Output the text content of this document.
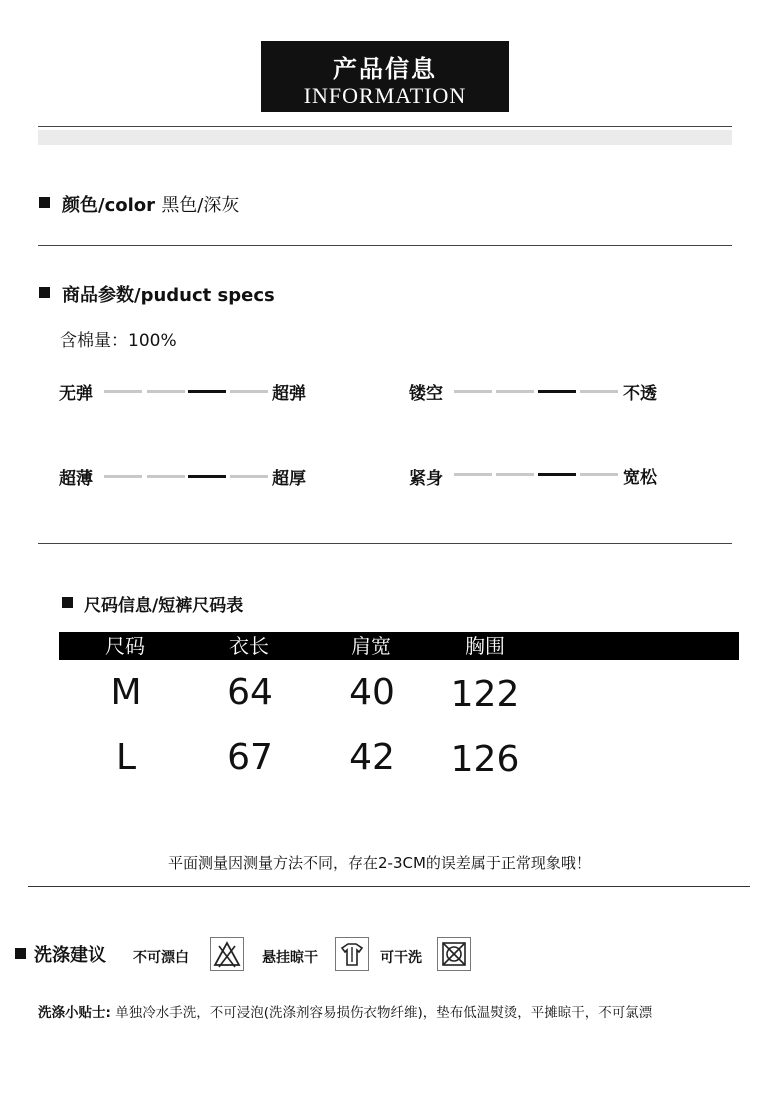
产品信息
INFORMATION
颜色/color 黑色/深灰
商品参数/puduct specs
含棉量：100%
无弹	超弹	镂空	不透
超薄	超厚	紧身	宽松
尺码信息/短裤尺码表
尺码	衣长	肩宽	胸围
M	64	40	122
L	67	42	126
平面测量因测量方法不同，存在2-3CM的误差属于正常现象哦！
洗涤建议 不可漂白	悬挂晾干	可干洗
洗涤小贴士: 单独冷水手洗，不可浸泡(洗涤剂容易损伤衣物纤维)，垫布低温熨烫，平摊晾干，不可氯漂
